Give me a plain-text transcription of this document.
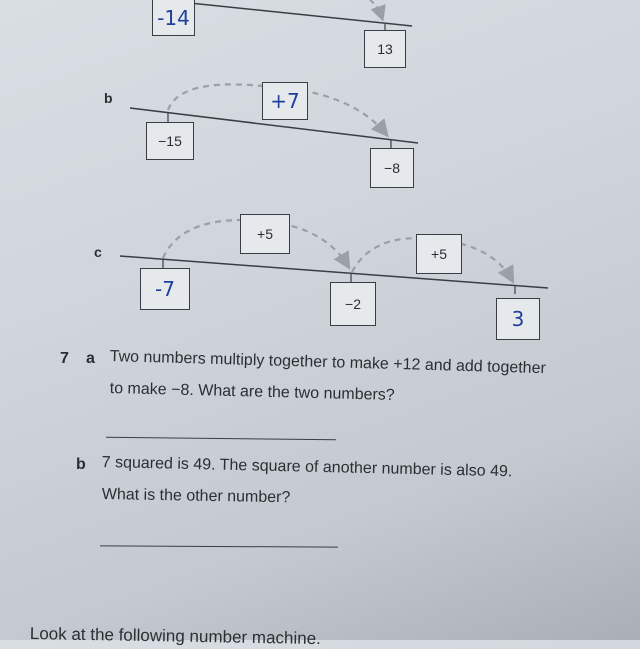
-14
13
b
−15
+7
−8
c
-7
+5
−2
+5
3
7 a Two numbers multiply together to make +12 and add together
to make −8. What are the two numbers?
b 7 squared is 49. The square of another number is also 49.
What is the other number?
Look at the following number machine.
